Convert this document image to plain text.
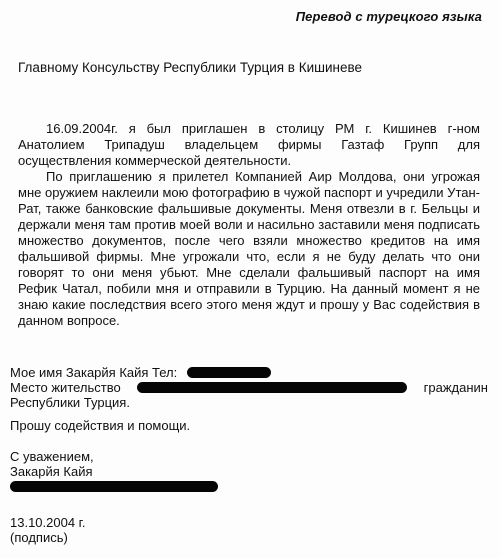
Перевод с турецкого языка
Главному Консульству Республики Турция в Кишиневе

16.09.2004г. я был приглашен в столицу РМ г. Кишинев г-ном Анатолием Трипадуш владельцем фирмы Газтаф Групп для осуществления коммерческой деятельности.

По приглашению я прилетел Компанией Аир Молдова, они угрожая мне оружием наклеили мою фотографию в чужой паспорт и учредили Утан-Рат, также банковские фальшивые документы. Меня отвезли в г. Бельцы и держали меня там против моей воли и насильно заставили меня подписать множество документов, после чего взяли множество кредитов на имя фальшивой фирмы. Мне угрожали что, если я не буду делать что они говорят то они меня убьют. Мне сделали фальшивый паспорт на имя Рефик Чатал, побили мня и отправили в Турцию. На данный момент я не знаю какие последствия всего этого меня ждут и прошу у Вас содействия в данном вопросе.

Мое имя Закарйя Кайя Тел:
Место жительство	гражданин
Республики Турция.
Прошу содействия и помощи.
С уважением,
Закарйя Кайя
13.10.2004 г.
(подпись)
